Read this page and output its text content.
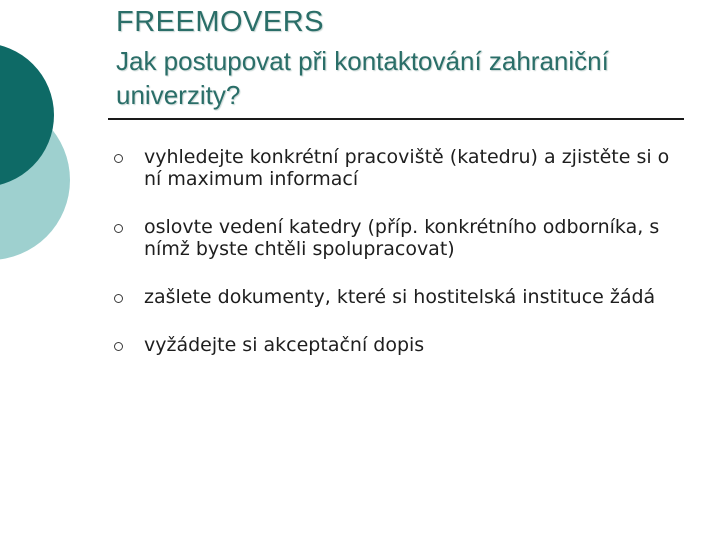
FREEMOVERS
Jak postupovat při kontaktování zahraniční univerzity?
vyhledejte konkrétní pracoviště (katedru) a zjistěte si o ní maximum informací
oslovte vedení katedry (příp. konkrétního odborníka, s nímž byste chtěli spolupracovat)
zašlete dokumenty, které si hostitelská instituce žádá
vyžádejte si akceptační dopis
